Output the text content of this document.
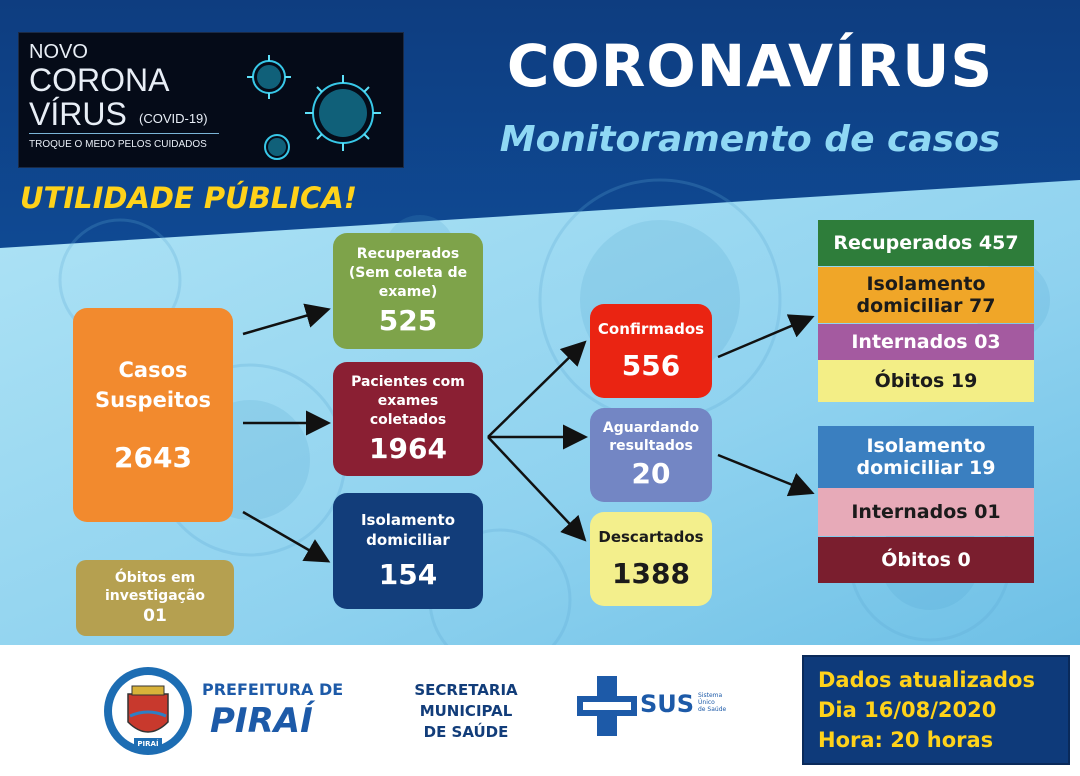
NOVO
CORONA
VÍRUS (COVID-19)
TROQUE O MEDO PELOS CUIDADOS
CORONAVÍRUS
Monitoramento de casos
UTILIDADE PÚBLICA!
Casos Suspeitos
2643
Óbitos em investigação
01
Recuperados (Sem coleta de exame)
525
Pacientes com exames coletados
1964
Isolamento domiciliar
154
Confirmados
556
Aguardando resultados
20
Descartados
1388
Recuperados 457
Isolamento domiciliar 77
Internados 03
Óbitos 19
Isolamento domiciliar 19
Internados 01
Óbitos 0
PIRAÍ
PREFEITURA DE
PIRAÍ
SECRETARIA
MUNICIPAL
DE SAÚDE
SUS Sistema
Único
de Saúde
Dados atualizados
Dia 16/08/2020
Hora: 20 horas
